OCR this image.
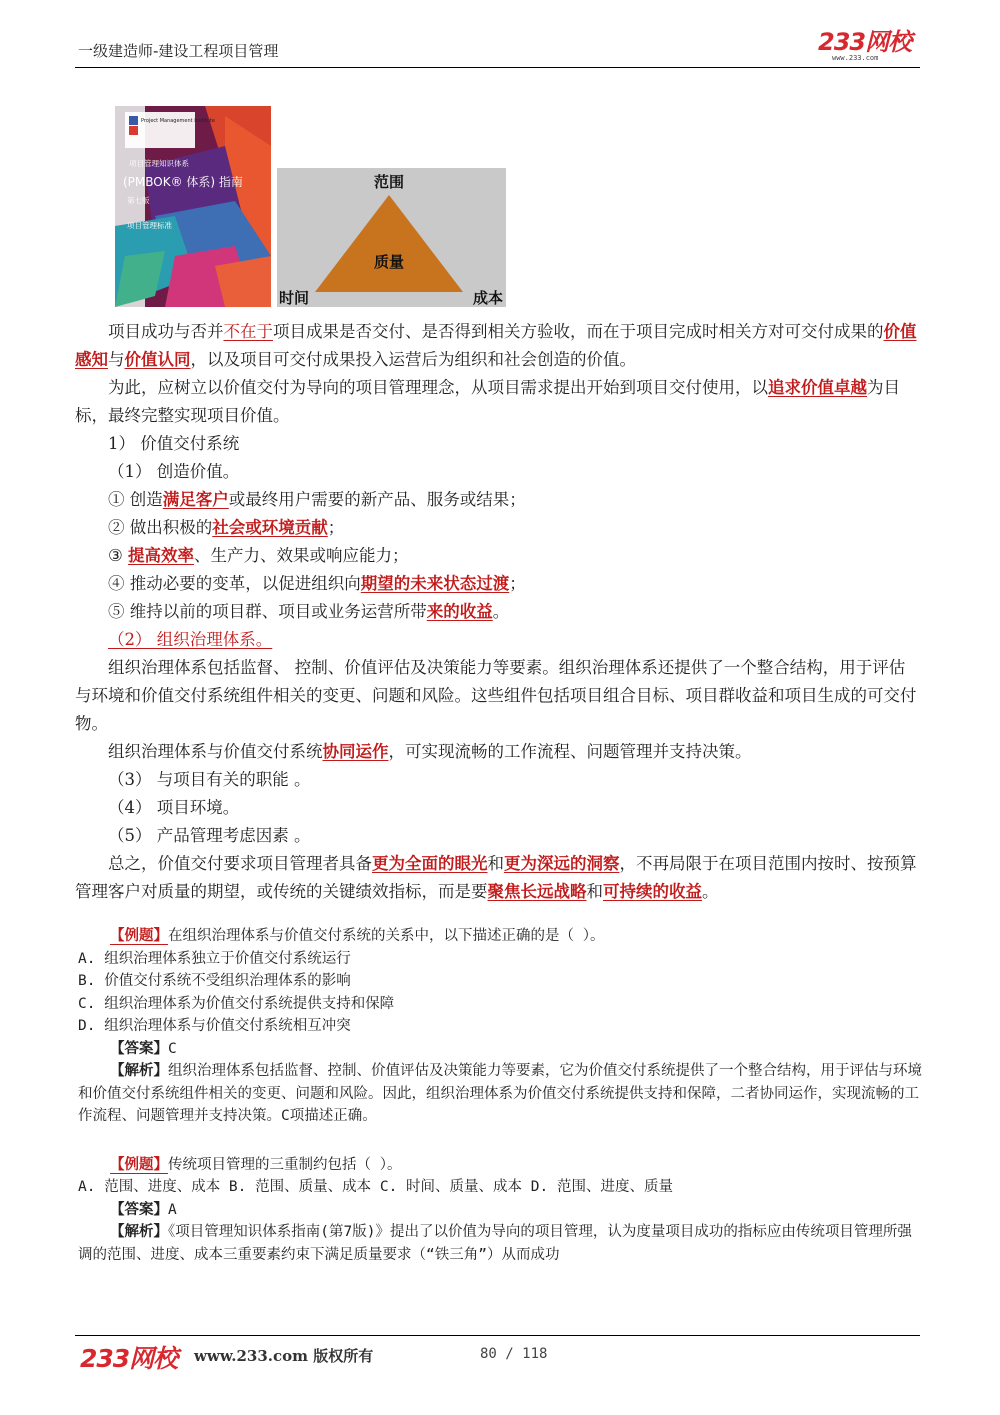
一级建造师-建设工程项目管理	233网校
www.233.com
Project Management Institute
项目管理知识体系
(PMBOK® 体系) 指南
第七版
项目管理标准
范围
质量
时间	成本

项目成功与否并不在于项目成果是否交付、是否得到相关方验收，而在于项目完成时相关方对可交付成果的价值感知与价值认同，以及项目可交付成果投入运营后为组织和社会创造的价值。

为此，应树立以价值交付为导向的项目管理理念，从项目需求提出开始到项目交付使用，以追求价值卓越为目标，最终完整实现项目价值。

1） 价值交付系统

（1） 创造价值。

① 创造满足客户或最终用户需要的新产品、服务或结果；

② 做出积极的社会或环境贡献；

③ 提高效率、生产力、效果或响应能力；

④ 推动必要的变革，以促进组织向期望的未来状态过渡；

⑤ 维持以前的项目群、项目或业务运营所带来的收益。

（2） 组织治理体系。

组织治理体系包括监督、 控制、价值评估及决策能力等要素。组织治理体系还提供了一个整合结构，用于评估与环境和价值交付系统组件相关的变更、问题和风险。这些组件包括项目组合目标、项目群收益和项目生成的可交付物。

组织治理体系与价值交付系统协同运作，可实现流畅的工作流程、问题管理并支持决策。

（3） 与项目有关的职能 。

（4） 项目环境。

（5） 产品管理考虑因素 。

总之，价值交付要求项目管理者具备更为全面的眼光和更为深远的洞察，不再局限于在项目范围内按时、按预算管理客户对质量的期望，或传统的关键绩效指标，而是要聚焦长远战略和可持续的收益。

【例题】在组织治理体系与价值交付系统的关系中，以下描述正确的是（ ）。

A. 组织治理体系独立于价值交付系统运行

B. 价值交付系统不受组织治理体系的影响

C. 组织治理体系为价值交付系统提供支持和保障

D. 组织治理体系与价值交付系统相互冲突

【答案】C

【解析】组织治理体系包括监督、控制、价值评估及决策能力等要素，它为价值交付系统提供了一个整合结构，用于评估与环境和价值交付系统组件相关的变更、问题和风险。因此，组织治理体系为价值交付系统提供支持和保障，二者协同运作，实现流畅的工作流程、问题管理并支持决策。C项描述正确。

【例题】传统项目管理的三重制约包括（ ）。

A. 范围、进度、成本 B. 范围、质量、成本 C. 时间、质量、成本 D. 范围、进度、质量

【答案】A

【解析】《项目管理知识体系指南(第7版)》提出了以价值为导向的项目管理，认为度量项目成功的指标应由传统项目管理所强调的范围、进度、成本三重要素约束下满足质量要求（“铁三角”）从而成功

233网校 www.233.com 版权所有	80 / 118
